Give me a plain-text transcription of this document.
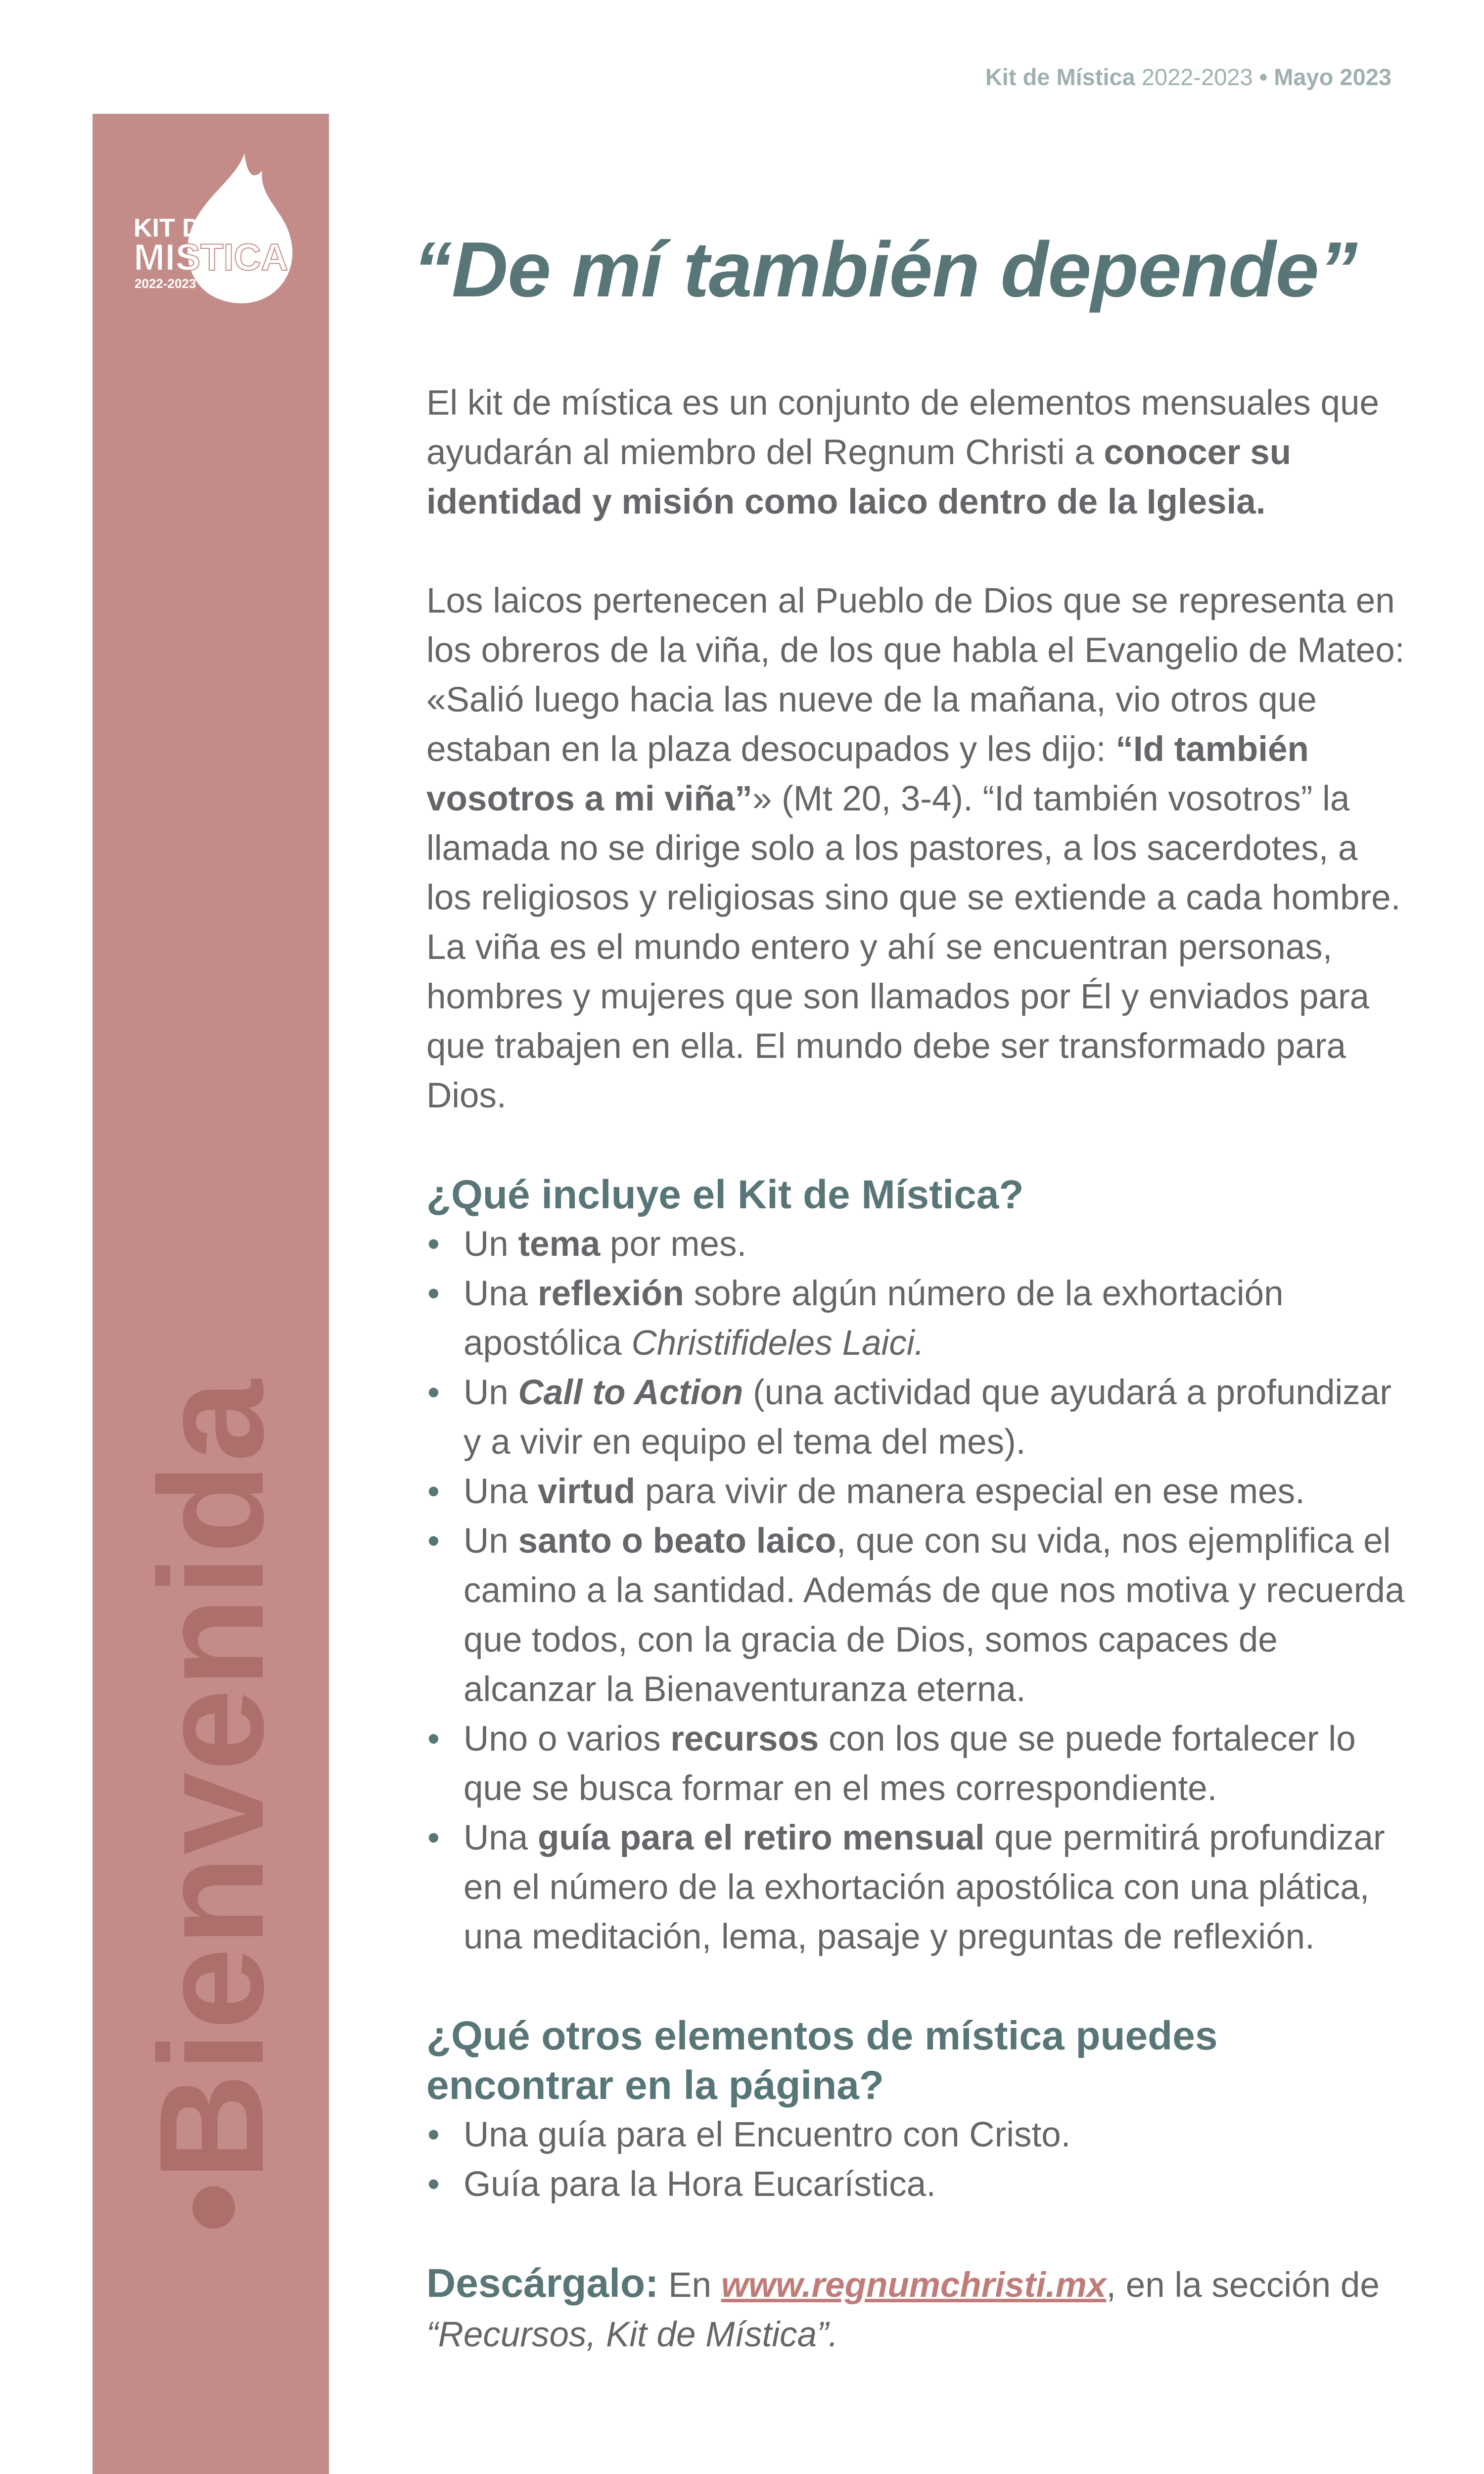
Kit de Mística 2022-2023 • Mayo 2023
KIT DE
MISTICA
2022-2023
•Bienvenida
“De mí también depende”

El kit de mística es un conjunto de elementos mensuales que ayudarán al miembro del Regnum Christi a conocer su identidad y misión como laico dentro de la Iglesia.

Los laicos pertenecen al Pueblo de Dios que se representa en los obreros de la viña, de los que habla el Evangelio de Mateo: «Salió luego hacia las nueve de la mañana, vio otros que estaban en la plaza desocupados y les dijo: “Id también vosotros a mi viña”» (Mt 20, 3-4). “Id también vosotros” la llamada no se dirige solo a los pastores, a los sacerdotes, a los religiosos y religiosas sino que se extiende a cada hombre. La viña es el mundo entero y ahí se encuentran personas, hombres y mujeres que son llamados por Él y enviados para que trabajen en ella. El mundo debe ser transformado para Dios.

¿Qué incluye el Kit de Mística?
• Un tema por mes.
• Una reflexión sobre algún número de la exhortación apostólica Christifideles Laici.
• Un Call to Action (una actividad que ayudará a profundizar y a vivir en equipo el tema del mes).
• Una virtud para vivir de manera especial en ese mes.
• Un santo o beato laico, que con su vida, nos ejemplifica el camino a la santidad. Además de que nos motiva y recuerda que todos, con la gracia de Dios, somos capaces de alcanzar la Bienaventuranza eterna.
• Uno o varios recursos con los que se puede fortalecer lo que se busca formar en el mes correspondiente.
• Una guía para el retiro mensual que permitirá profundizar en el número de la exhortación apostólica con una plática, una meditación, lema, pasaje y preguntas de reflexión.
¿Qué otros elementos de mística puedes encontrar en la página?
• Una guía para el Encuentro con Cristo.
• Guía para la Hora Eucarística.

Descárgalo: En www.regnumchristi.mx, en la sección de “Recursos, Kit de Mística”.
